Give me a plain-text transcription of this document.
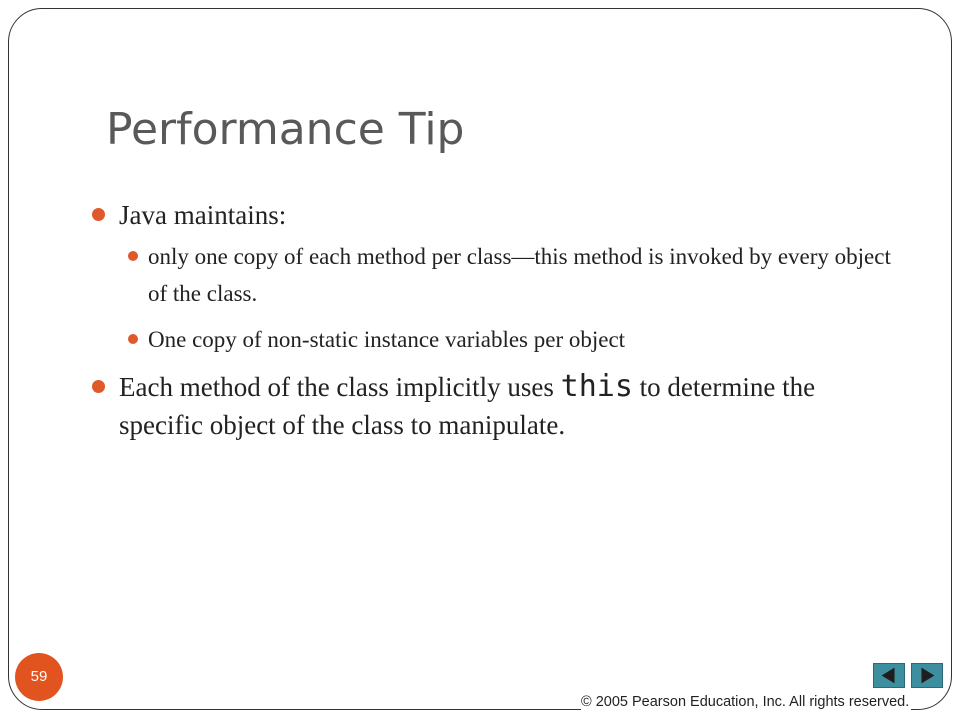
Performance Tip
Java maintains:
only one copy of each method per class—this method is invoked by every object of the class.
One copy of non-static instance variables per object
Each method of the class implicitly uses this to determine the specific object of the class to manipulate.
59
© 2005 Pearson Education, Inc. All rights reserved.
